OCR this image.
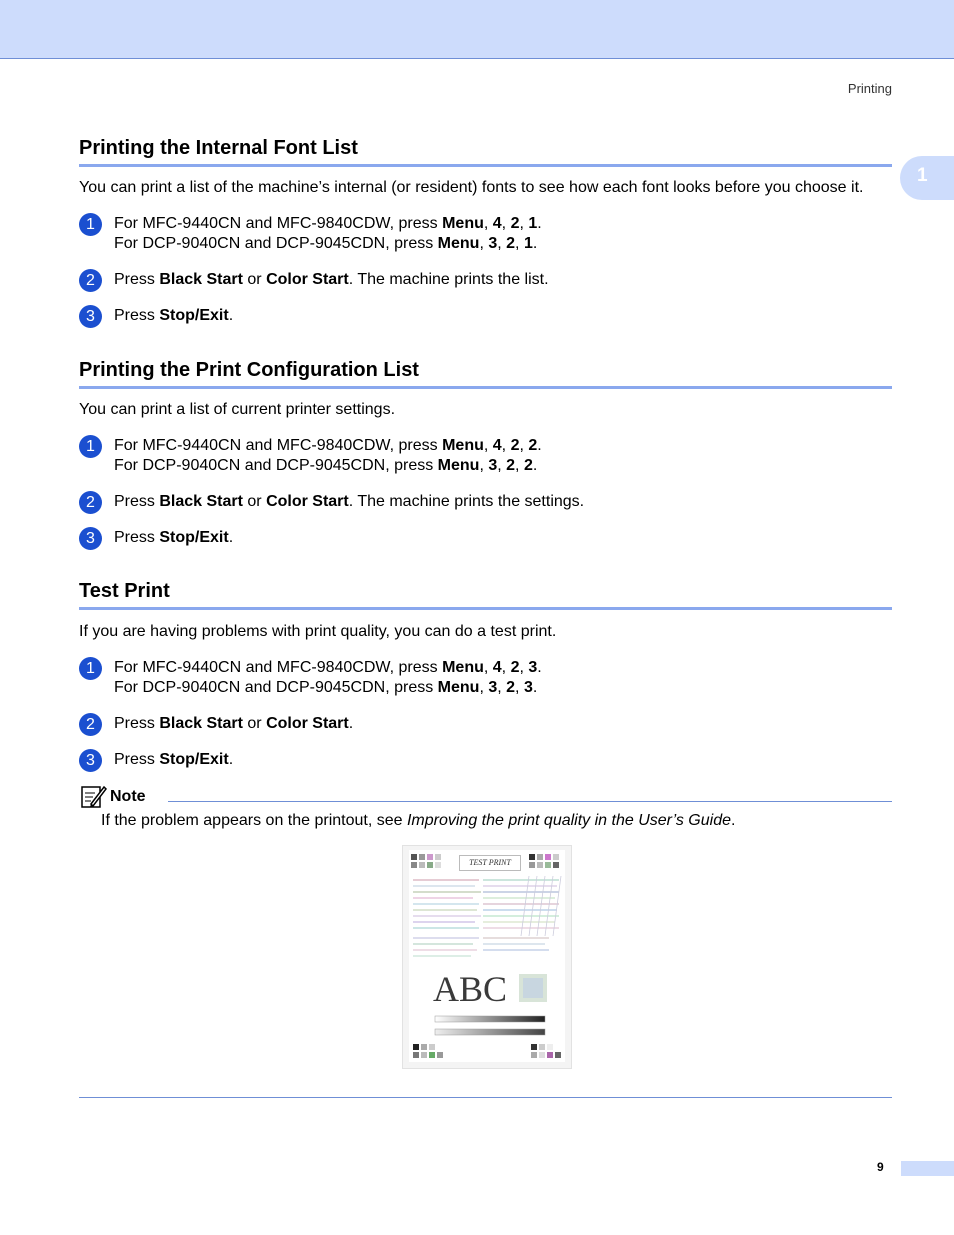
Printing
1
Printing the Internal Font List
You can print a list of the machine’s internal (or resident) fonts to see how each font looks before you choose it.
1	For MFC-9440CN and MFC-9840CDW, press Menu, 4, 2, 1.
For DCP-9040CN and DCP-9045CDN, press Menu, 3, 2, 1.
2	Press Black Start or Color Start. The machine prints the list.
3	Press Stop/Exit.
Printing the Print Configuration List
You can print a list of current printer settings.
1	For MFC-9440CN and MFC-9840CDW, press Menu, 4, 2, 2.
For DCP-9040CN and DCP-9045CDN, press Menu, 3, 2, 2.
2	Press Black Start or Color Start. The machine prints the settings.
3	Press Stop/Exit.
Test Print
If you are having problems with print quality, you can do a test print.
1	For MFC-9440CN and MFC-9840CDW, press Menu, 4, 2, 3.
For DCP-9040CN and DCP-9045CDN, press Menu, 3, 2, 3.
2	Press Black Start or Color Start.
3	Press Stop/Exit.
Note
If the problem appears on the printout, see Improving the print quality in the User’s Guide.
TEST PRINT
ABC
9
